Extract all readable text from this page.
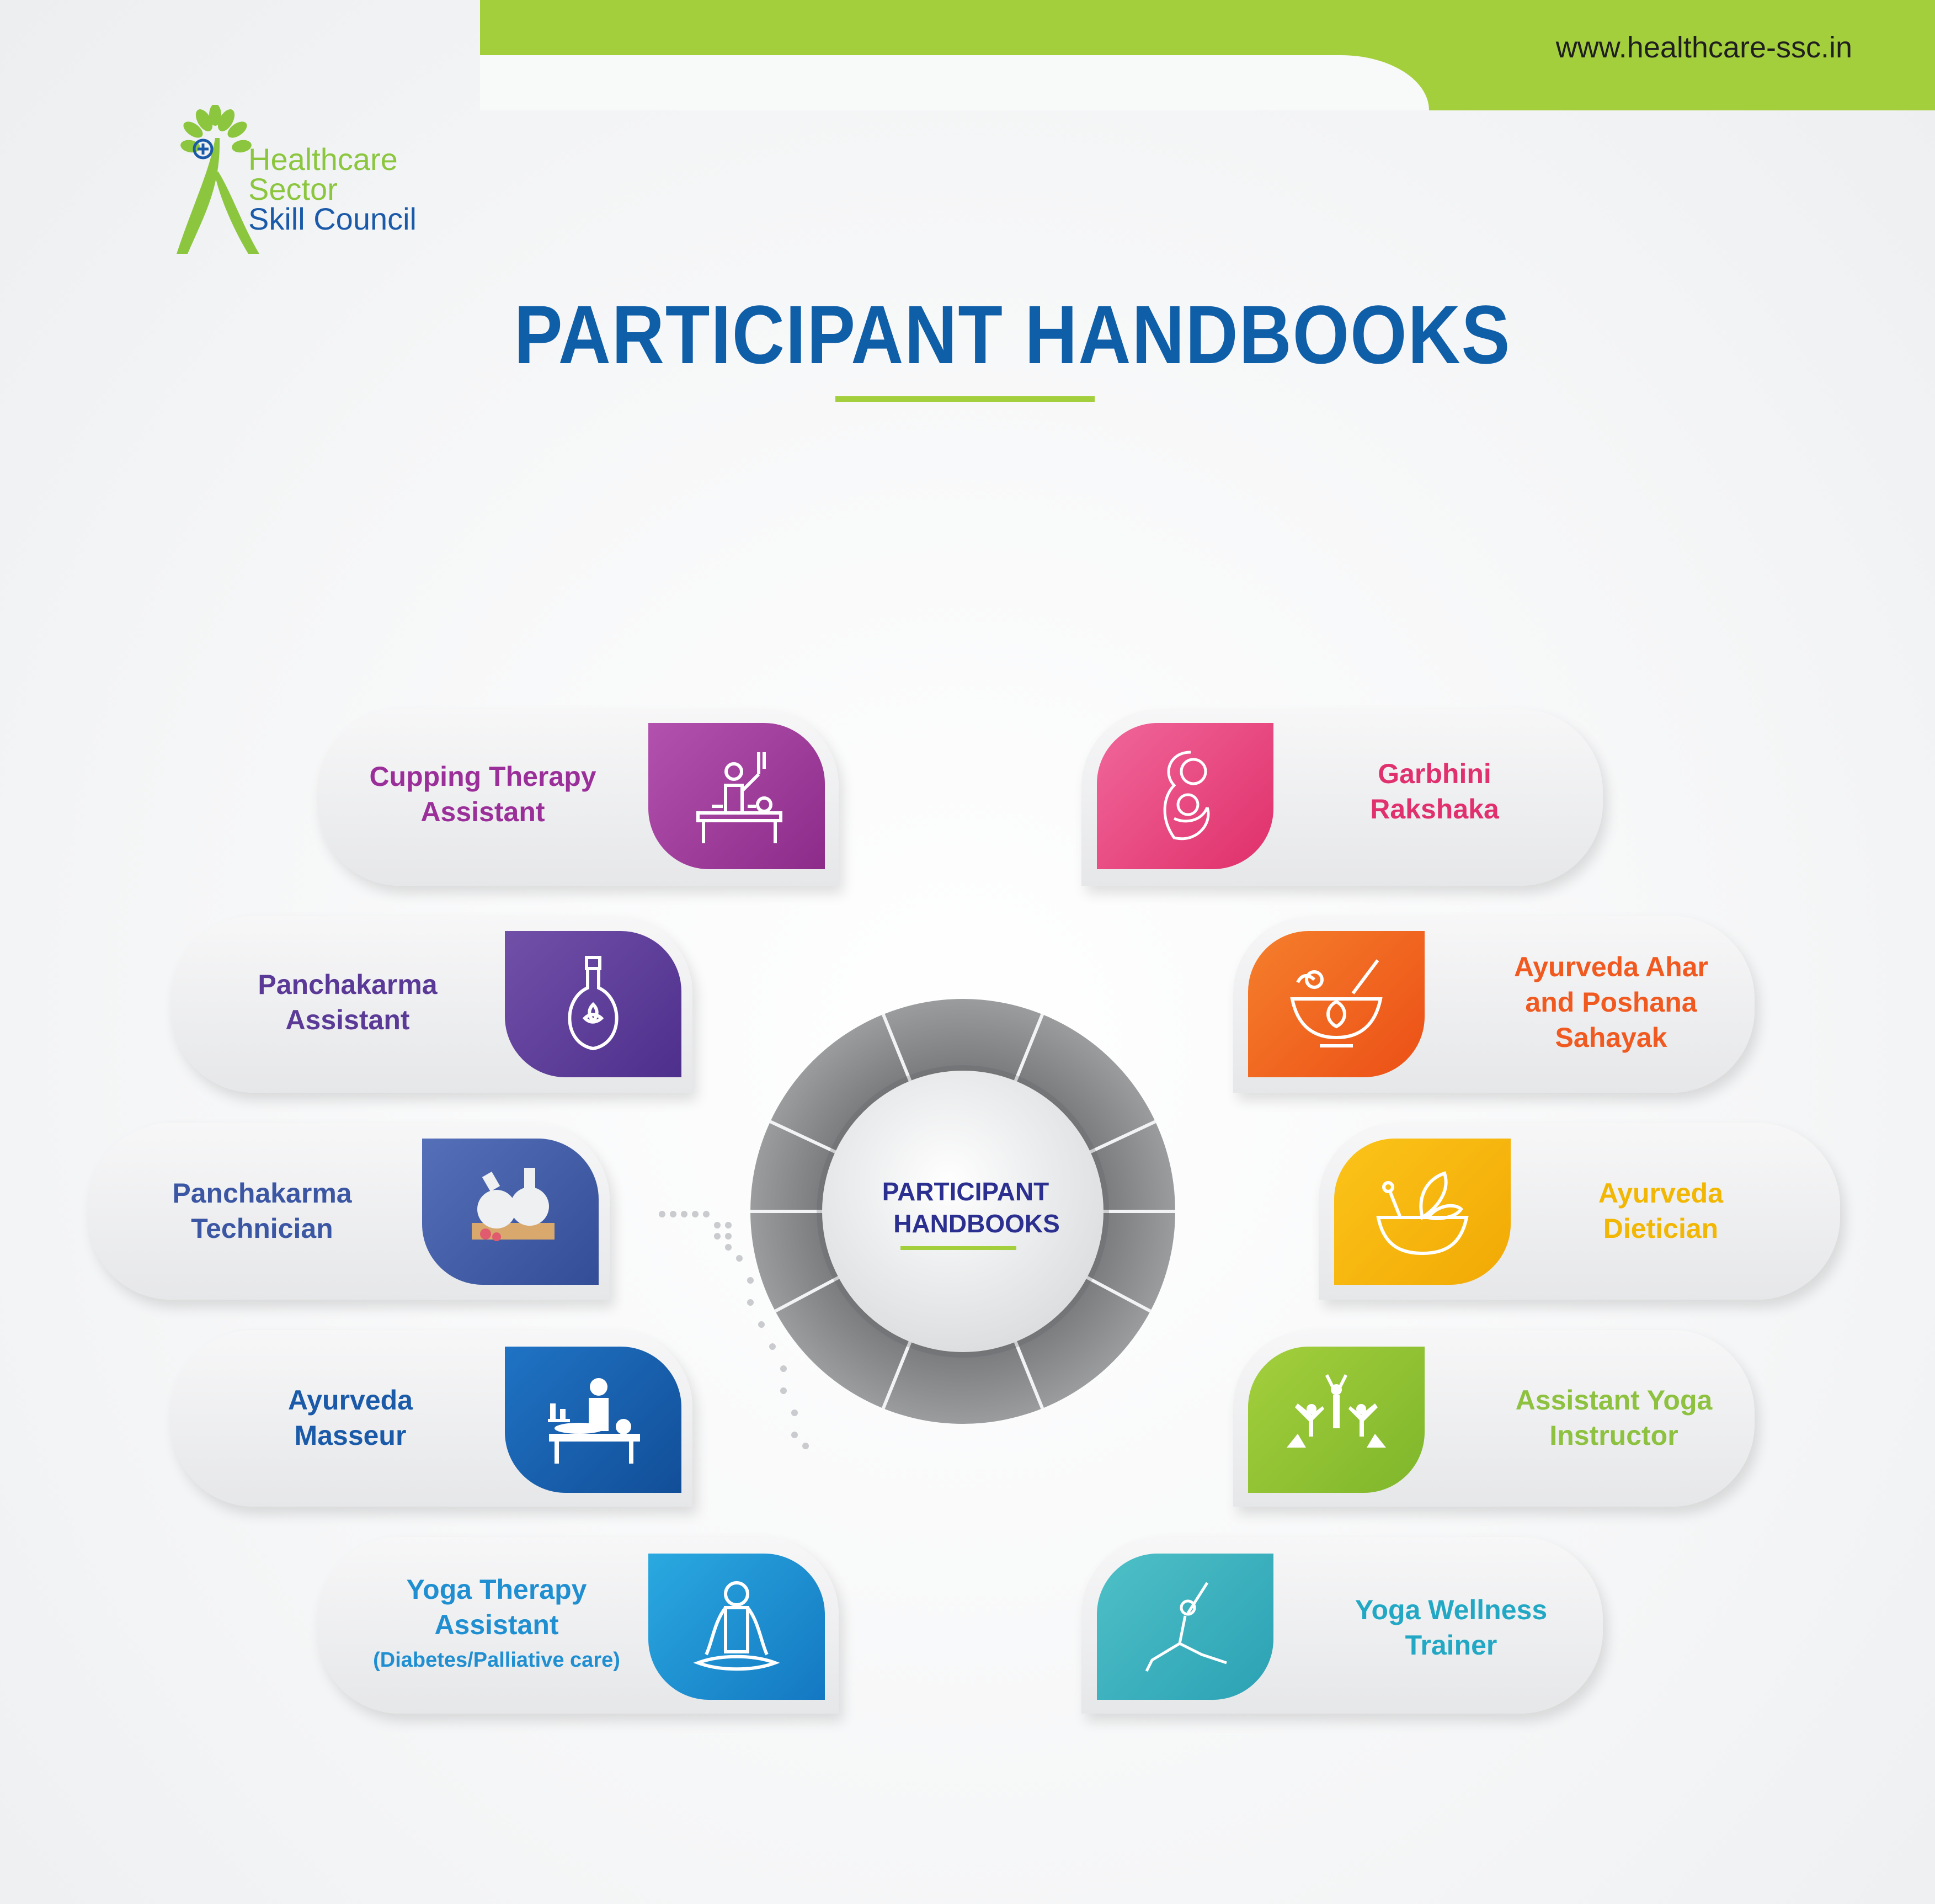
www.healthcare-ssc.in
Healthcare
Sector
Skill Council
PARTICIPANT HANDBOOKS
PARTICIPANT
HANDBOOKS
Cupping Therapy
Assistant
Panchakarma
Assistant
Panchakarma
Technician
Ayurveda
Masseur
Yoga Therapy
Assistant
(Diabetes/Palliative care)
Garbhini
Rakshaka
Ayurveda Ahar
and Poshana
Sahayak
Ayurveda
Dietician
Assistant Yoga
Instructor
Yoga Wellness
Trainer
